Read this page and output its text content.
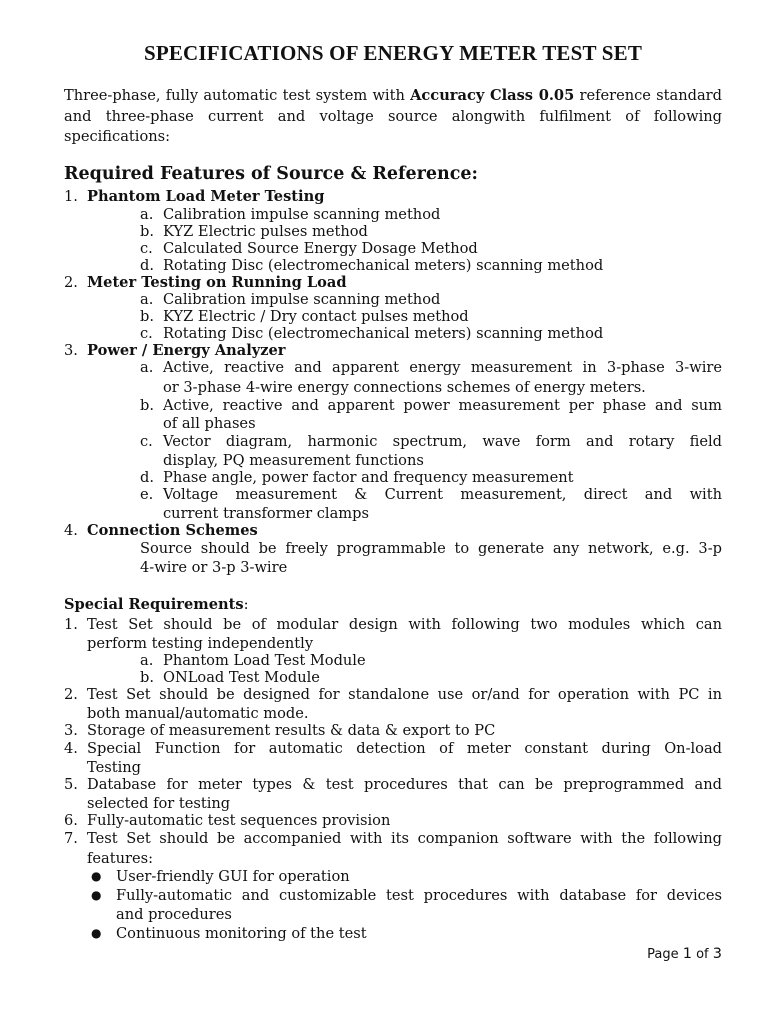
SPECIFICATIONS OF ENERGY METER TEST SET
Three-phase, fully automatic test system with Accuracy Class 0.05 reference standard and three-phase current and voltage source alongwith fulfilment of following specifications:
Required Features of Source & Reference:
1. Phantom Load Meter Testing
a. Calibration impulse scanning method
b. KYZ Electric pulses method
c. Calculated Source Energy Dosage Method
d. Rotating Disc (electromechanical meters) scanning method
2. Meter Testing on Running Load
a. Calibration impulse scanning method
b. KYZ Electric / Dry contact pulses method
c. Rotating Disc (electromechanical meters) scanning method
3. Power / Energy Analyzer
a. Active, reactive and apparent energy measurement in 3-phase 3-wire
or 3-phase 4-wire energy connections schemes of energy meters.
b. Active, reactive and apparent power measurement per phase and sum
of all phases
c. Vector diagram, harmonic spectrum, wave form and rotary field
display, PQ measurement functions
d. Phase angle, power factor and frequency measurement
e. Voltage measurement & Current measurement, direct and with
current transformer clamps
4. Connection Schemes
Source should be freely programmable to generate any network, e.g. 3-p
4-wire or 3-p 3-wire
Special Requirements:
1. Test Set should be of modular design with following two modules which can
perform testing independently
a. Phantom Load Test Module
b. ONLoad Test Module
2. Test Set should be designed for standalone use or/and for operation with PC in
both manual/automatic mode.
3. Storage of measurement results & data & export to PC
4. Special Function for automatic detection of meter constant during On-load
Testing
5. Database for meter types & test procedures that can be preprogrammed and
selected for testing
6. Fully-automatic test sequences provision
7. Test Set should be accompanied with its companion software with the following
features:
● User-friendly GUI for operation
● Fully-automatic and customizable test procedures with database for devices
and procedures
● Continuous monitoring of the test
Page 1 of 3
